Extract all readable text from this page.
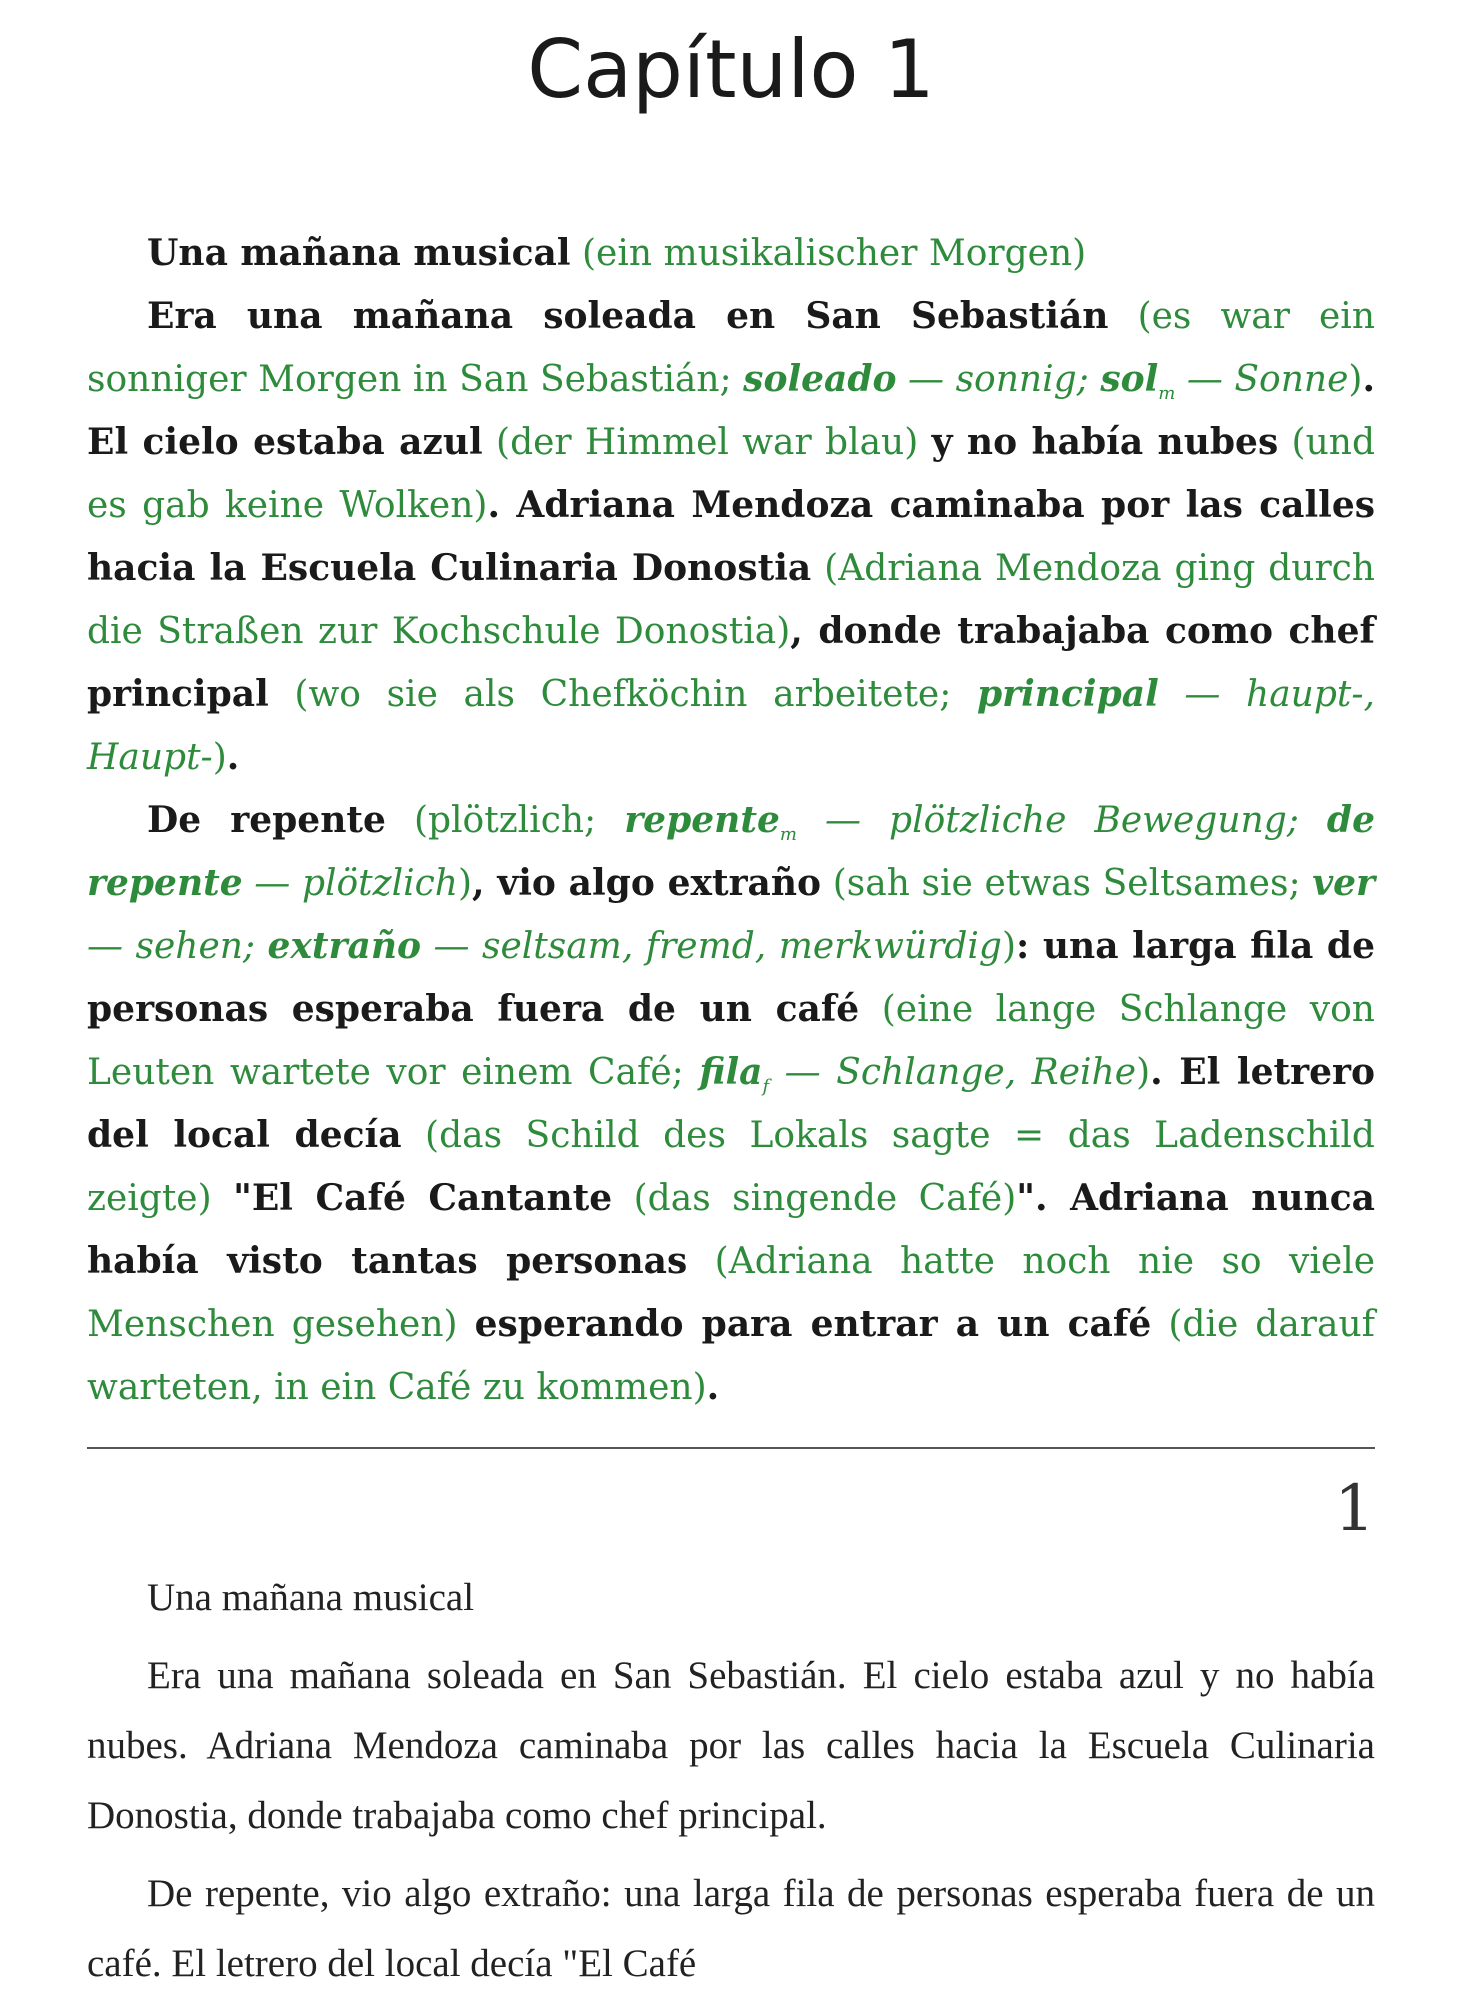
Capítulo 1

Una mañana musical (ein musikalischer Morgen)

Era una mañana soleada en San Sebastián (es war ein sonniger Morgen in San Sebastián; soleado — sonnig; sol$_m$ — Sonne). El cielo estaba azul (der Himmel war blau) y no había nubes (und es gab keine Wolken). Adriana Mendoza caminaba por las calles hacia la Escuela Culinaria Donostia (Adriana Mendoza ging durch die Straßen zur Kochschule Donostia), donde trabajaba como chef principal (wo sie als Chefköchin arbeitete; principal — haupt-, Haupt-).

De repente (plötzlich; repente$_m$ — plötzliche Bewegung; de repente — plötzlich), vio algo extraño (sah sie etwas Seltsames; ver — sehen; extraño — seltsam, fremd, merkwürdig): una larga fila de personas esperaba fuera de un café (eine lange Schlange von Leuten wartete vor einem Café; fila$_f$ — Schlange, Reihe). El letrero del local decía (das Schild des Lokals sagte = das Ladenschild zeigte) "El Café Cantante (das singende Café)". Adriana nunca había visto tantas personas (Adriana hatte noch nie so viele Menschen gesehen) esperando para entrar a un café (die darauf warteten, in ein Café zu kommen).

1

Una mañana musical

Era una mañana soleada en San Sebastián. El cielo estaba azul y no había nubes. Adriana Mendoza caminaba por las calles hacia la Escuela Culinaria Donostia, donde trabajaba como chef principal.

De repente, vio algo extraño: una larga fila de personas esperaba fuera de un café. El letrero del local decía "El Café
